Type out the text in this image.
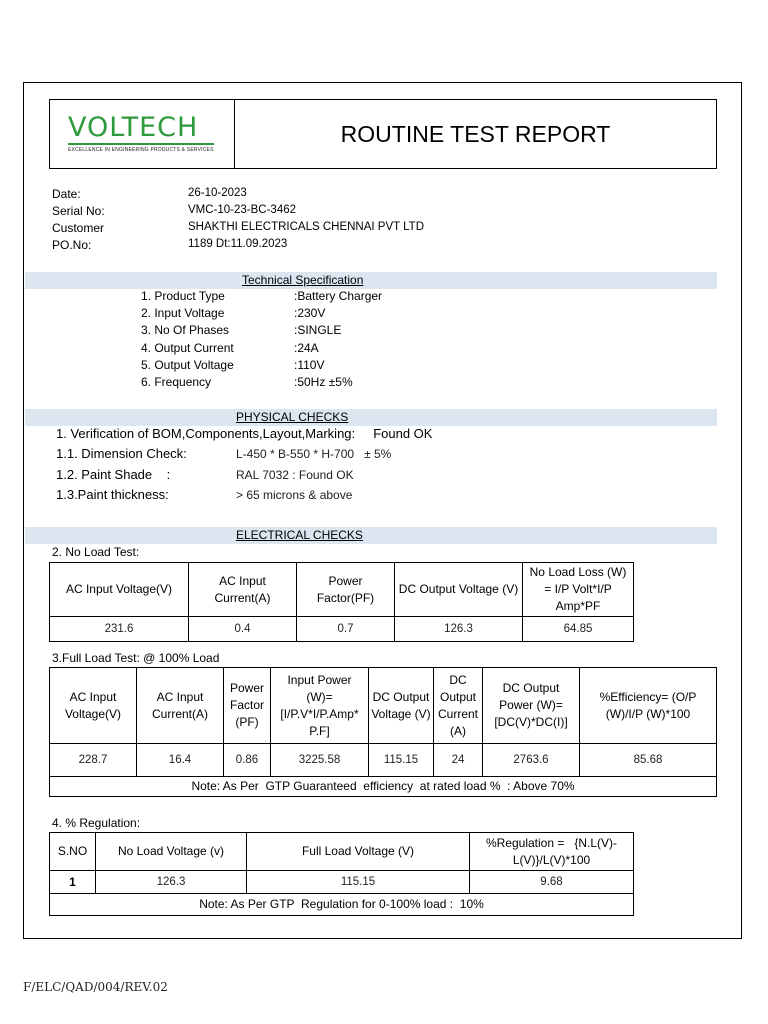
VOLTECH
EXCELLENCE IN ENGINEERING PRODUCTS & SERVICES
ROUTINE TEST REPORT
Date:	26-10-2023
Serial No:	VMC-10-23-BC-3462
Customer	SHAKTHI ELECTRICALS CHENNAI PVT LTD
PO.No:	1189 Dt:11.09.2023
Technical Specification
1. Product Type	:Battery Charger
2. Input Voltage	:230V
3. No Of Phases	:SINGLE
4. Output Current	:24A
5. Output Voltage	:110V
6. Frequency	:50Hz ±5%
PHYSICAL CHECKS
1. Verification of BOM,Components,Layout,Marking:     Found OK
1.1. Dimension Check:	L-450 * B-550 * H-700   ± 5%
1.2. Paint Shade    :	RAL 7032 : Found OK
1.3.Paint thickness:	> 65 microns & above
ELECTRICAL CHECKS
2. No Load Test:
AC Input Voltage(V)	AC Input Current(A)	Power Factor(PF)	DC Output Voltage (V)	No Load Loss (W) = I/P Volt*I/P Amp*PF
231.6	0.4	0.7	126.3	64.85
3.Full Load Test: @ 100% Load
AC Input Voltage(V)	AC Input Current(A)	Power Factor (PF)	Input Power (W)= [I/P.V*I/P.Amp* P.F]	DC Output Voltage (V)	DC Output Current (A)	DC Output Power (W)=[DC(V)*DC(I)]	%Efficiency= (O/P (W)/I/P (W)*100
228.7	16.4	0.86	3225.58	115.15	24	2763.6	85.68
Note: As Per  GTP Guaranteed  efficiency  at rated load %  : Above 70%							
4. % Regulation:
S.NO	No Load Voltage (v)	Full Load Voltage (V)	%Regulation =   {N.L(V)-L(V)}/L(V)*100
1	126.3	115.15	9.68
Note: As Per GTP  Regulation for 0-100% load :  10%			
F/ELC/QAD/004/REV.02
